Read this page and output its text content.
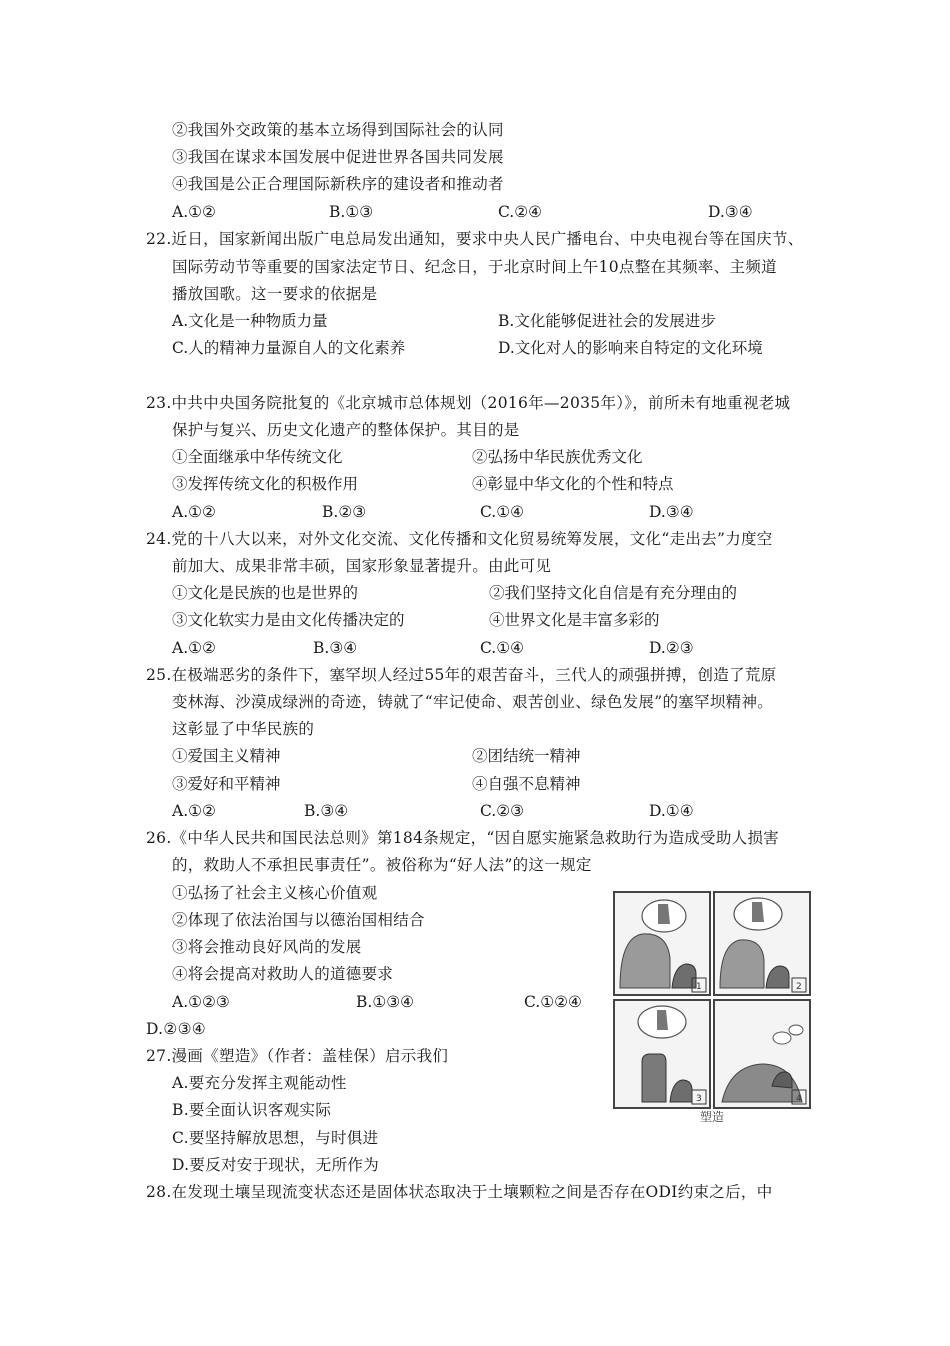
②我国外交政策的基本立场得到国际社会的认同
③我国在谋求本国发展中促进世界各国共同发展
④我国是公正合理国际新秩序的建设者和推动者
A.①②	B.①③	C.②④	D.③④
22.近日，国家新闻出版广电总局发出通知，要求中央人民广播电台、中央电视台等在国庆节、
国际劳动节等重要的国家法定节日、纪念日，于北京时间上午10点整在其频率、主频道
播放国歌。这一要求的依据是
A.文化是一种物质力量	B.文化能够促进社会的发展进步
C.人的精神力量源自人的文化素养	D.文化对人的影响来自特定的文化环境
23.中共中央国务院批复的《北京城市总体规划（2016年—2035年）》，前所未有地重视老城
保护与复兴、历史文化遗产的整体保护。其目的是
①全面继承中华传统文化	②弘扬中华民族优秀文化
③发挥传统文化的积极作用	④彰显中华文化的个性和特点
A.①②	B.②③	C.①④	D.③④
24.党的十八大以来，对外文化交流、文化传播和文化贸易统筹发展，文化“走出去”力度空
前加大、成果非常丰硕，国家形象显著提升。由此可见
①文化是民族的也是世界的	②我们坚持文化自信是有充分理由的
③文化软实力是由文化传播决定的	④世界文化是丰富多彩的
A.①②	B.③④	C.①④	D.②③
25.在极端恶劣的条件下，塞罕坝人经过55年的艰苦奋斗，三代人的顽强拼搏，创造了荒原
变林海、沙漠成绿洲的奇迹，铸就了“牢记使命、艰苦创业、绿色发展”的塞罕坝精神。
这彰显了中华民族的
①爱国主义精神	②团结统一精神
③爱好和平精神	④自强不息精神
A.①②	B.③④	C.②③	D.①④
26.《中华人民共和国民法总则》第184条规定，“因自愿实施紧急救助行为造成受助人损害
的，救助人不承担民事责任”。被俗称为“好人法”的这一规定
①弘扬了社会主义核心价值观
②体现了依法治国与以德治国相结合
③将会推动良好风尚的发展
④将会提高对救助人的道德要求
A.①②③	B.①③④	C.①②④
D.②③④
27.漫画《塑造》（作者：盖桂保）启示我们
A.要充分发挥主观能动性
B.要全面认识客观实际
C.要坚持解放思想，与时俱进
D.要反对安于现状，无所作为
28.在发现土壤呈现流变状态还是固体状态取决于土壤颗粒之间是否存在ODI约束之后，中
1	2
3	4
塑造
